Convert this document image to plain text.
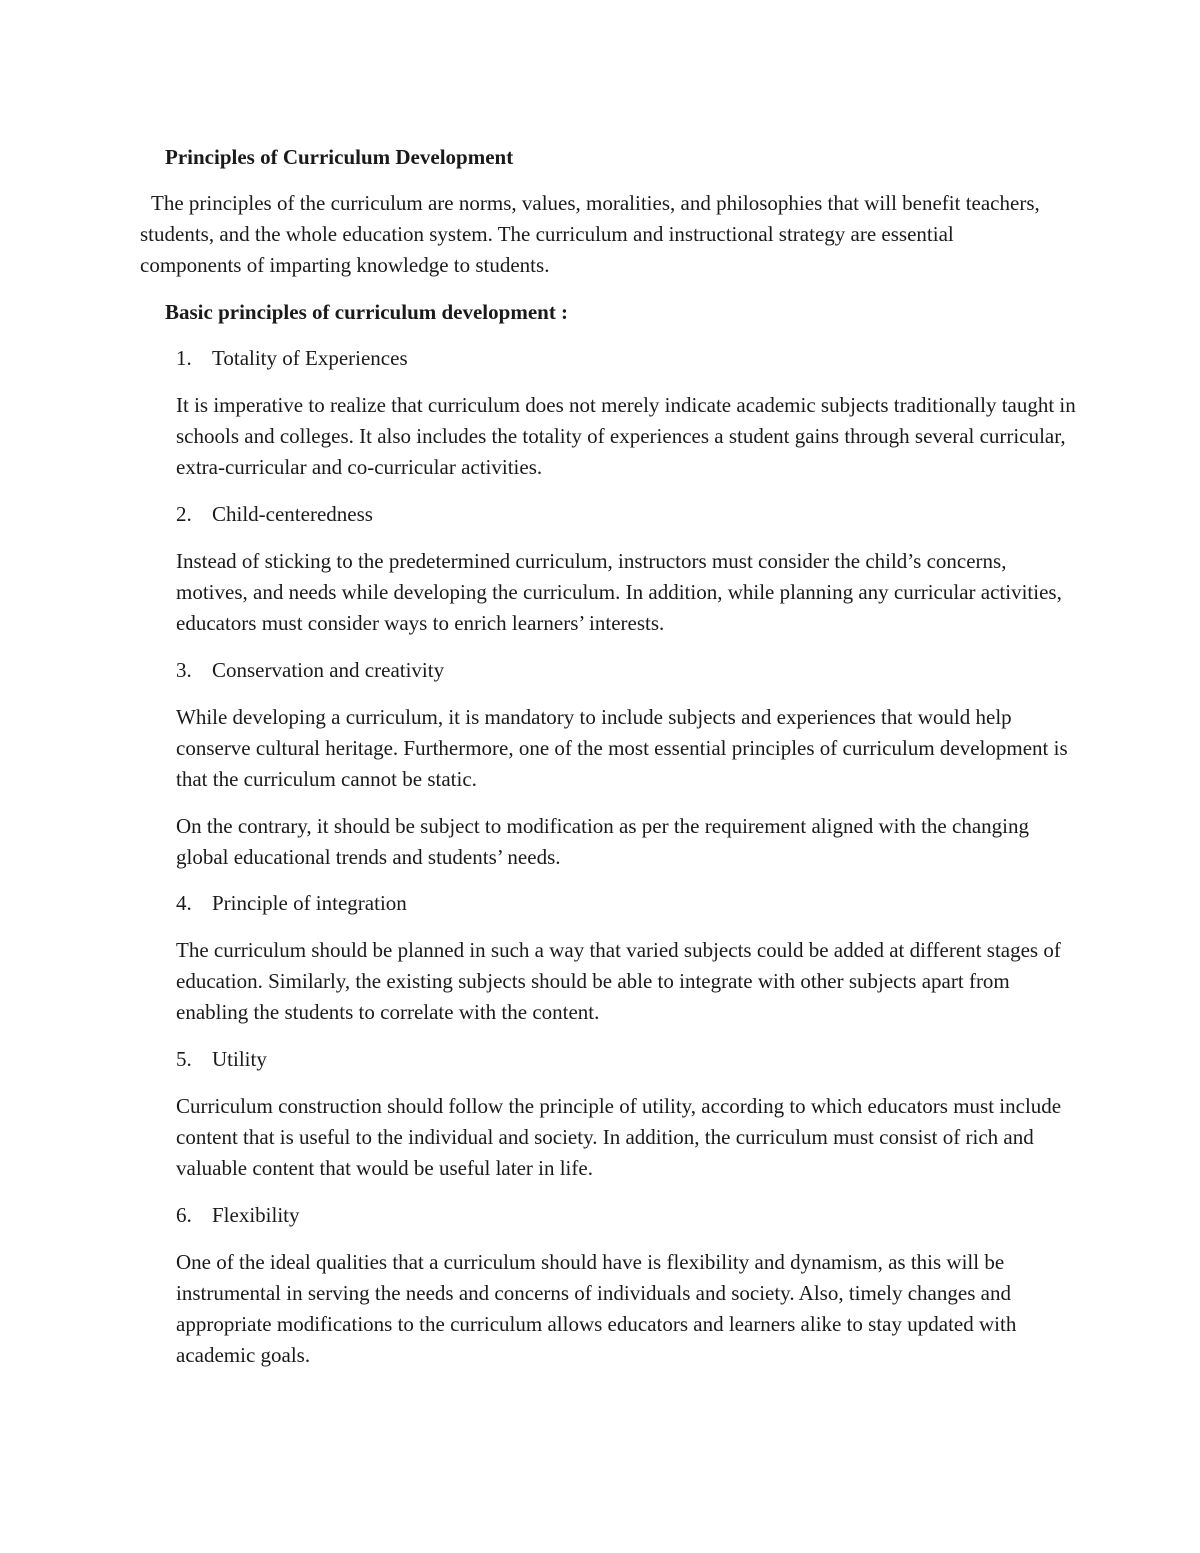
Principles of Curriculum Development

The principles of the curriculum are norms, values, moralities, and philosophies that will benefit teachers, students, and the whole education system. The curriculum and instructional strategy are essential components of imparting knowledge to students.

Basic principles of curriculum development :

1. Totality of Experiences

It is imperative to realize that curriculum does not merely indicate academic subjects traditionally taught in schools and colleges. It also includes the totality of experiences a student gains through several curricular, extra-curricular and co-curricular activities.

2. Child-centeredness

Instead of sticking to the predetermined curriculum, instructors must consider the child’s concerns, motives, and needs while developing the curriculum. In addition, while planning any curricular activities, educators must consider ways to enrich learners’ interests.

3. Conservation and creativity

While developing a curriculum, it is mandatory to include subjects and experiences that would help conserve cultural heritage. Furthermore, one of the most essential principles of curriculum development is that the curriculum cannot be static.

On the contrary, it should be subject to modification as per the requirement aligned with the changing global educational trends and students’ needs.

4. Principle of integration

The curriculum should be planned in such a way that varied subjects could be added at different stages of education. Similarly, the existing subjects should be able to integrate with other subjects apart from enabling the students to correlate with the content.

5. Utility

Curriculum construction should follow the principle of utility, according to which educators must include content that is useful to the individual and society. In addition, the curriculum must consist of rich and valuable content that would be useful later in life.

6. Flexibility

One of the ideal qualities that a curriculum should have is flexibility and dynamism, as this will be instrumental in serving the needs and concerns of individuals and society. Also, timely changes and appropriate modifications to the curriculum allows educators and learners alike to stay updated with academic goals.
